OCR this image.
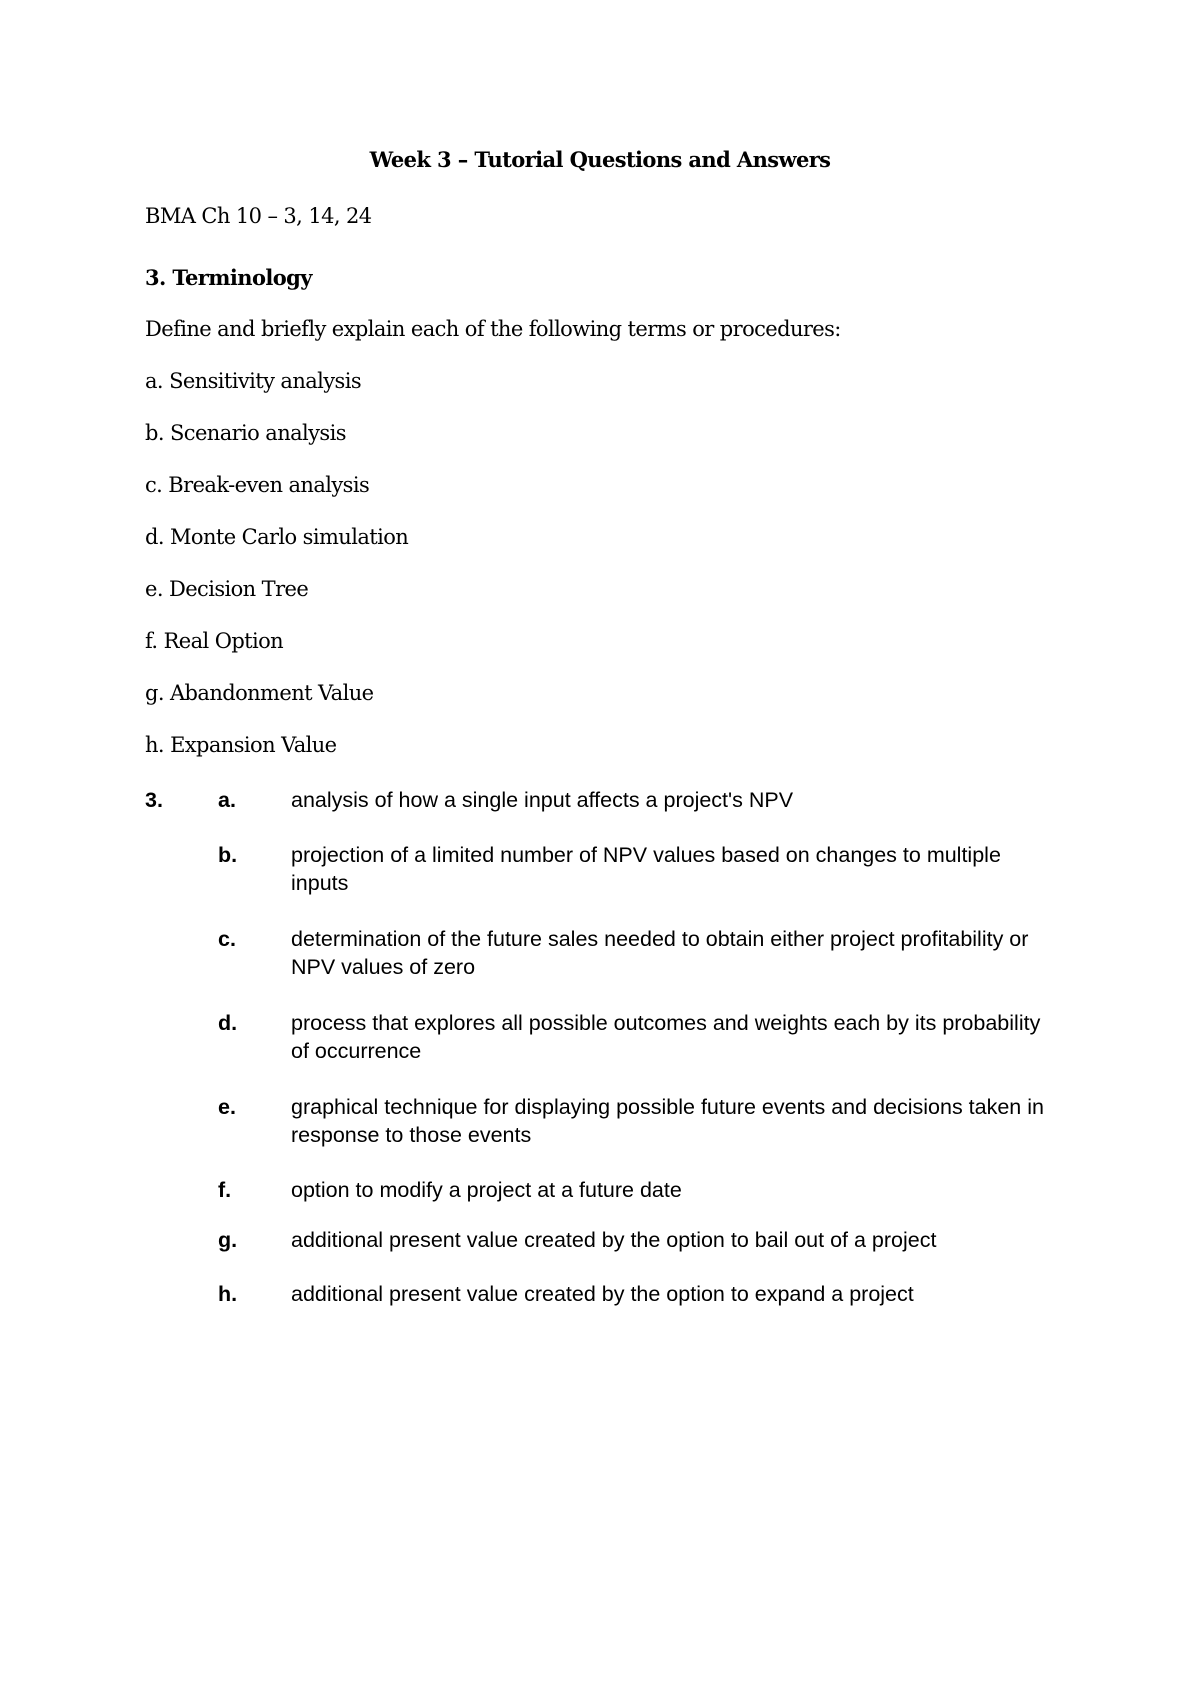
Week 3 – Tutorial Questions and Answers
BMA Ch 10 – 3, 14, 24
3. Terminology
Define and briefly explain each of the following terms or procedures:
a. Sensitivity analysis
b. Scenario analysis
c. Break-even analysis
d. Monte Carlo simulation
e. Decision Tree
f. Real Option
g. Abandonment Value
h. Expansion Value
3.	a.	analysis of how a single input affects a project's NPV
b.	projection of a limited number of NPV values based on changes to multiple inputs
c.	determination of the future sales needed to obtain either project profitability or NPV values of zero
d.	process that explores all possible outcomes and weights each by its probability of occurrence
e.	graphical technique for displaying possible future events and decisions taken in response to those events
f.	option to modify a project at a future date
g.	additional present value created by the option to bail out of a project
h.	additional present value created by the option to expand a project
